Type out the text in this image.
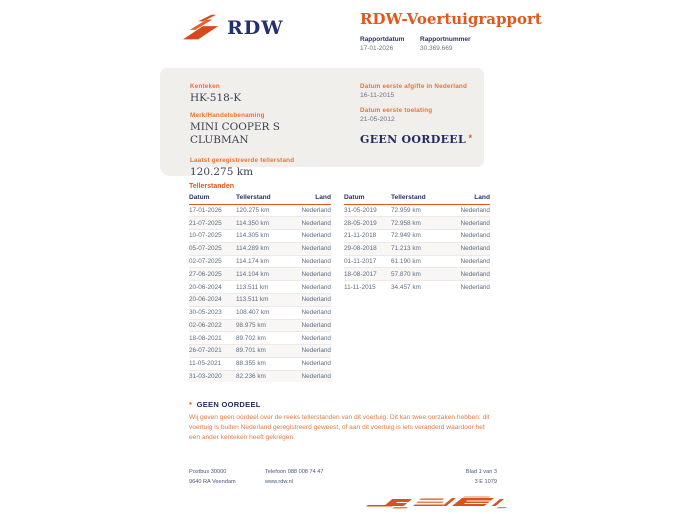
RDW	RDW-Voertuigrapport
Rapportdatum
17-01-2026
Rapportnummer
30.369.669
Kenteken
HK-518-K
Merk/Handelsbenaming
MINI COOPER S
CLUBMAN
Laatst geregistreerde tellerstand
120.275 km
Datum eerste afgifte in Nederland
16-11-2015
Datum eerste toelating
21-05-2012
GEEN OORDEEL *
Tellerstanden
Datum	Tellerstand	Land
17-01-2026	120.275 km	Nederland
21-07-2025	114.350 km	Nederland
10-07-2025	114.305 km	Nederland
05-07-2025	114.289 km	Nederland
02-07-2025	114.174 km	Nederland
27-06-2025	114.104 km	Nederland
20-06-2024	113.511 km	Nederland
20-06-2024	113.511 km	Nederland
30-05-2023	108.407 km	Nederland
02-06-2022	98.975 km	Nederland
18-08-2021	89.702 km	Nederland
26-07-2021	89.701 km	Nederland
11-05-2021	88.355 km	Nederland
31-03-2020	82.236 km	Nederland
Datum	Tellerstand	Land
31-05-2019	72.959 km	Nederland
28-05-2019	72.958 km	Nederland
21-11-2018	72.949 km	Nederland
29-08-2018	71.213 km	Nederland
01-11-2017	61.190 km	Nederland
18-08-2017	57.870 km	Nederland
11-11-2015	34.457 km	Nederland
* GEEN OORDEEL
Wij geven geen oordeel over de reeks tellerstanden van dit voertuig. Dit kan twee oorzaken hebben: dit voertuig is buiten Nederland geregistreerd geweest, of aan dit voertuig is iets veranderd waardoor het een ander kenteken heeft gekregen.
Postbus 30000
9640 RA Veendam
Telefoon 088 008 74 47
www.rdw.nl
Blad 1 van 3
3 E 1079
